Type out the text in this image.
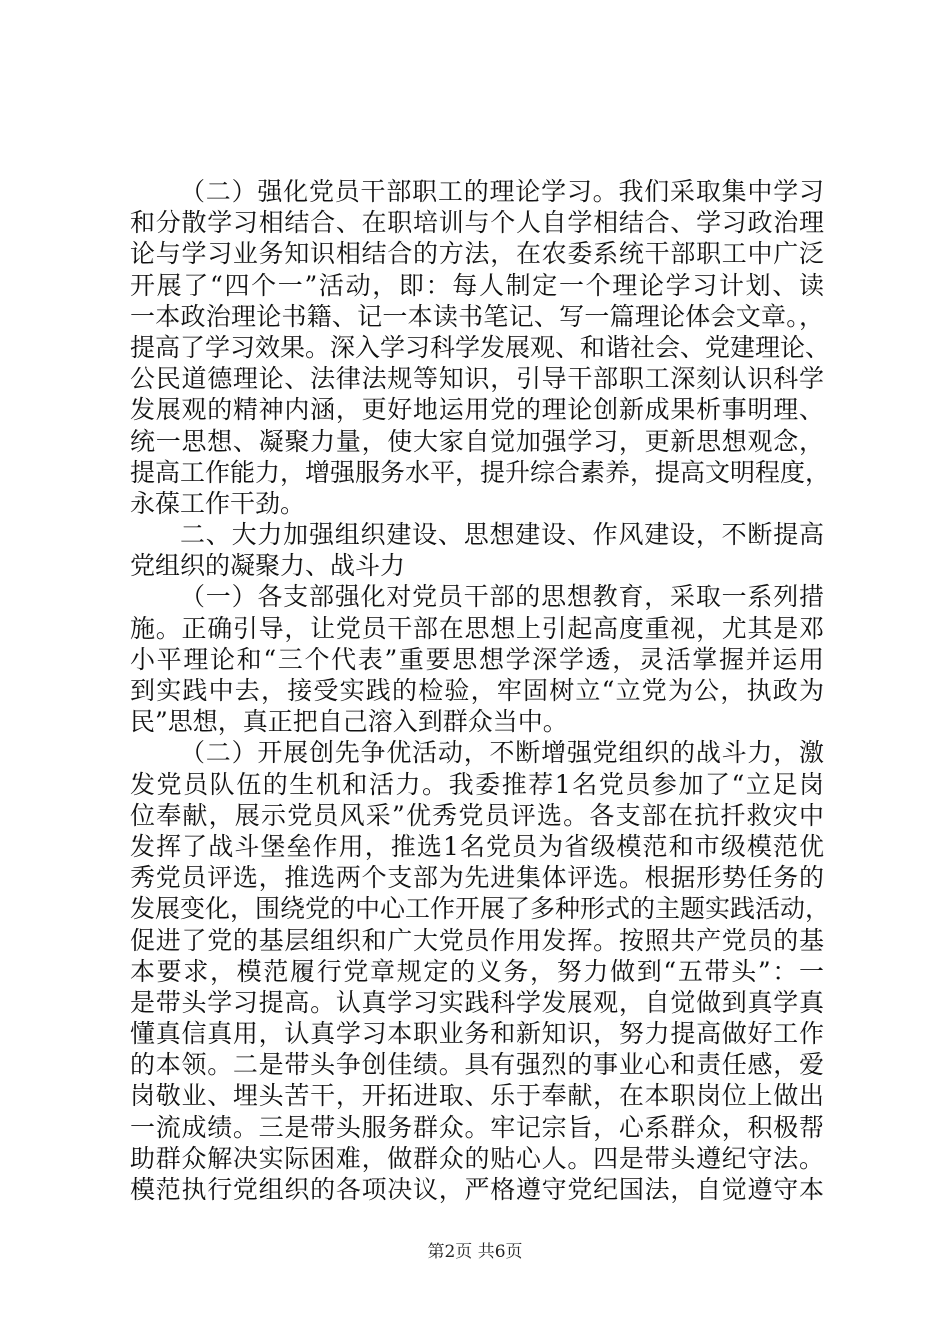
（二）强化党员干部职工的理论学习。我们采取集中学习
和分散学习相结合、在职培训与个人自学相结合、学习政治理
论与学习业务知识相结合的方法，在农委系统干部职工中广泛
开展了“四个一”活动，即：每人制定一个理论学习计划、读
一本政治理论书籍、记一本读书笔记、写一篇理论体会文章。，
提高了学习效果。深入学习科学发展观、和谐社会、党建理论、
公民道德理论、法律法规等知识，引导干部职工深刻认识科学
发展观的精神内涵，更好地运用党的理论创新成果析事明理、
统一思想、凝聚力量，使大家自觉加强学习，更新思想观念，
提高工作能力，增强服务水平，提升综合素养，提高文明程度，
永葆工作干劲。
二、大力加强组织建设、思想建设、作风建设，不断提高
党组织的凝聚力、战斗力
（一）各支部强化对党员干部的思想教育，采取一系列措
施。正确引导，让党员干部在思想上引起高度重视，尤其是邓
小平理论和“三个代表”重要思想学深学透，灵活掌握并运用
到实践中去，接受实践的检验，牢固树立“立党为公，执政为
民”思想，真正把自己溶入到群众当中。
（二）开展创先争优活动，不断增强党组织的战斗力，激
发党员队伍的生机和活力。我委推荐1名党员参加了“立足岗
位奉献，展示党员风采”优秀党员评选。各支部在抗扦救灾中
发挥了战斗堡垒作用，推选1名党员为省级模范和市级模范优
秀党员评选，推选两个支部为先进集体评选。根据形势任务的
发展变化，围绕党的中心工作开展了多种形式的主题实践活动，
促进了党的基层组织和广大党员作用发挥。按照共产党员的基
本要求，模范履行党章规定的义务，努力做到“五带头”：一
是带头学习提高。认真学习实践科学发展观，自觉做到真学真
懂真信真用，认真学习本职业务和新知识，努力提高做好工作
的本领。二是带头争创佳绩。具有强烈的事业心和责任感，爱
岗敬业、埋头苦干，开拓进取、乐于奉献，在本职岗位上做出
一流成绩。三是带头服务群众。牢记宗旨，心系群众，积极帮
助群众解决实际困难，做群众的贴心人。四是带头遵纪守法。
模范执行党组织的各项决议，严格遵守党纪国法，自觉遵守本
第2页 共6页
